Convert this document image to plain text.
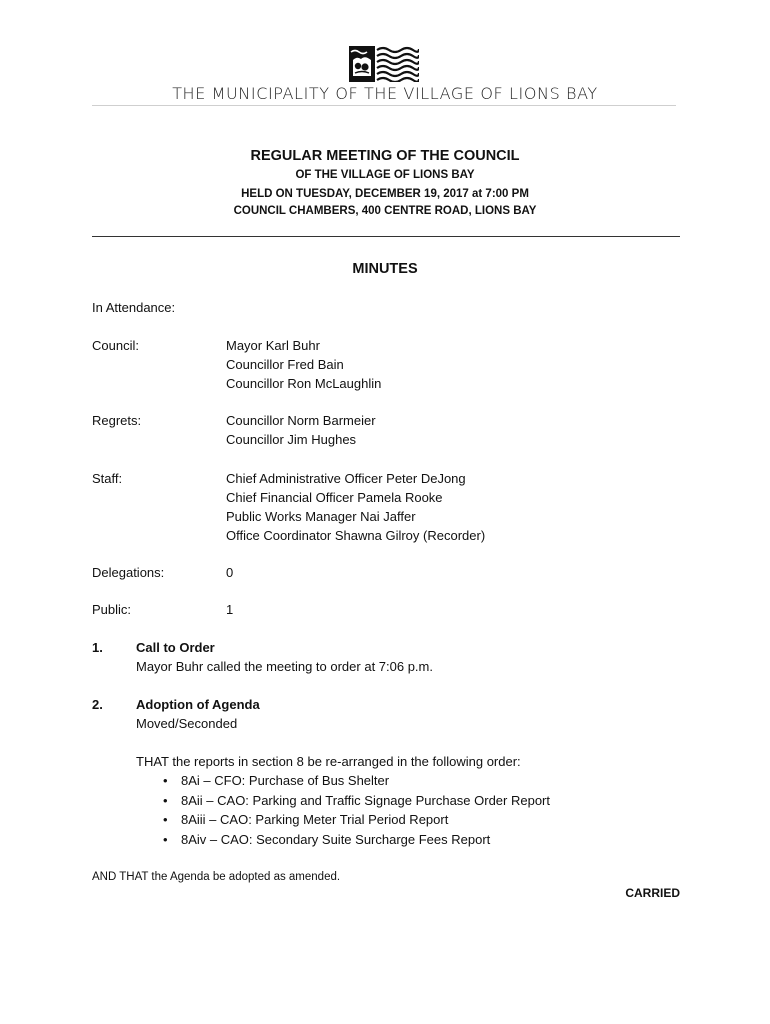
THE MUNICIPALITY OF THE VILLAGE OF LIONS BAY
REGULAR MEETING OF THE COUNCIL
OF THE VILLAGE OF LIONS BAY
HELD ON TUESDAY, DECEMBER 19, 2017 at 7:00 PM
COUNCIL CHAMBERS, 400 CENTRE ROAD, LIONS BAY
MINUTES
In Attendance:
Council:	Mayor Karl Buhr
Councillor Fred Bain
Councillor Ron McLaughlin
Regrets:	Councillor Norm Barmeier
Councillor Jim Hughes
Staff:	Chief Administrative Officer Peter DeJong
Chief Financial Officer Pamela Rooke
Public Works Manager Nai Jaffer
Office Coordinator Shawna Gilroy (Recorder)
Delegations:	0
Public:	1
1.	Call to Order
Mayor Buhr called the meeting to order at 7:06 p.m.
2.	Adoption of Agenda
Moved/Seconded
THAT the reports in section 8 be re-arranged in the following order:
• 8Ai – CFO: Purchase of Bus Shelter
• 8Aii – CAO: Parking and Traffic Signage Purchase Order Report
• 8Aiii – CAO: Parking Meter Trial Period Report
• 8Aiv – CAO: Secondary Suite Surcharge Fees Report
AND THAT the Agenda be adopted as amended.
CARRIED
